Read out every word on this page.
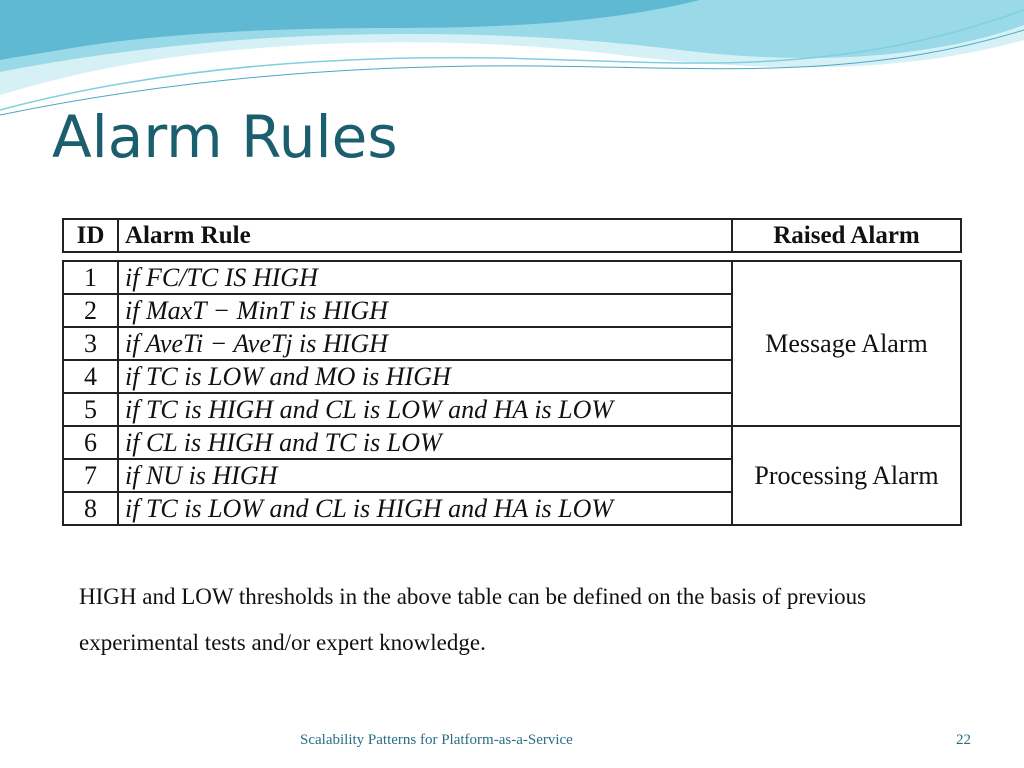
Alarm Rules
ID	Alarm Rule	Raised Alarm
1	if FC/TC IS HIGH	Message Alarm
2	if MaxT − MinT is HIGH	
3	if AveTi − AveTj is HIGH	
4	if TC is LOW and MO is HIGH	
5	if TC is HIGH and CL is LOW and HA is LOW	
6	if CL is HIGH and TC is LOW	Processing Alarm
7	if NU is HIGH	
8	if TC is LOW and CL is HIGH and HA is LOW	

HIGH and LOW thresholds in the above table can be defined on the basis of previous experimental tests and/or expert knowledge.

Scalability Patterns for Platform-as-a-Service	22
